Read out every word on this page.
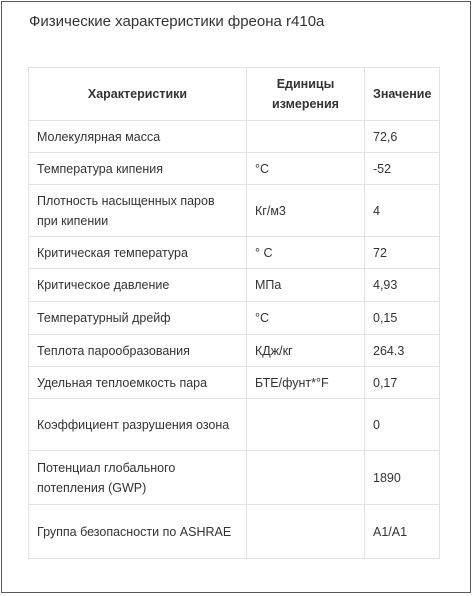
Физические характеристики фреона r410a
Характеристики	Единицы измерения	Значение
Молекулярная масса		72,6
Температура кипения	°С	-52
Плотность насыщенных паров при кипении	Кг/м3	4
Критическая температура	° С	72
Критическое давление	МПа	4,93
Температурный дрейф	°С	0,15
Теплота парообразования	КДж/кг	264.3
Удельная теплоемкость пара	БТЕ/фунт*°F	0,17
Коэффициент разрушения озона		0
Потенциал глобального потепления (GWP)		1890
Группа безопасности по ASHRAE		A1/A1
